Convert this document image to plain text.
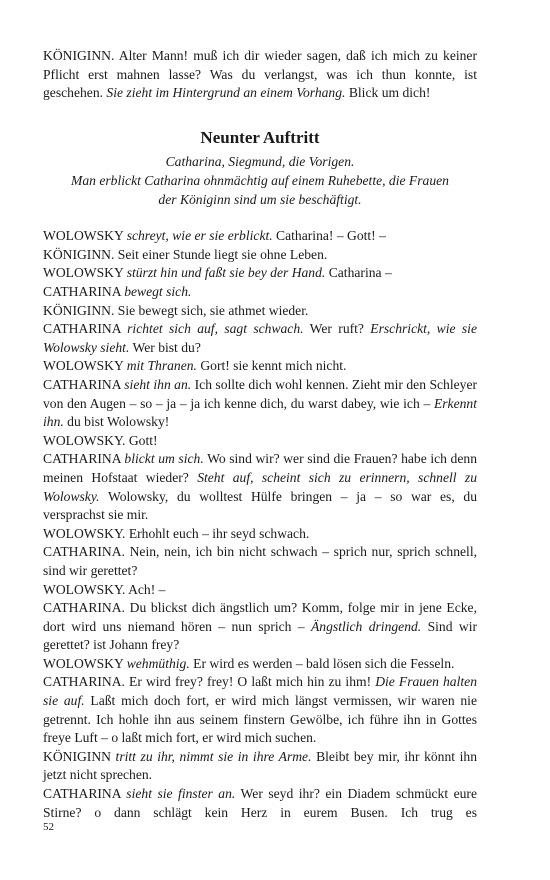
KÖNIGINN. Alter Mann! muß ich dir wieder sagen, daß ich mich zu keiner Pflicht erst mahnen lasse? Was du verlangst, was ich thun konnte, ist geschehen. Sie zieht im Hintergrund an einem Vorhang. Blick um dich!

Neunter Auftritt

Catharina, Siegmund, die Vorigen.

Man erblickt Catharina ohnmächtig auf einem Ruhebette, die Frauen

der Königinn sind um sie beschäftigt.

WOLOWSKY schreyt, wie er sie erblickt. Catharina! – Gott! –

KÖNIGINN. Seit einer Stunde liegt sie ohne Leben.

WOLOWSKY stürzt hin und faßt sie bey der Hand. Catharina –

CATHARINA bewegt sich.

KÖNIGINN. Sie bewegt sich, sie athmet wieder.

CATHARINA richtet sich auf, sagt schwach. Wer ruft? Erschrickt, wie sie Wolowsky sieht. Wer bist du?

WOLOWSKY mit Thranen. Gort! sie kennt mich nicht.

CATHARINA sieht ihn an. Ich sollte dich wohl kennen. Zieht mir den Schleyer von den Augen – so – ja – ja ich kenne dich, du warst dabey, wie ich – Erkennt ihn. du bist Wolowsky!

WOLOWSKY. Gott!

CATHARINA blickt um sich. Wo sind wir? wer sind die Frauen? habe ich denn meinen Hofstaat wieder? Steht auf, scheint sich zu erinnern, schnell zu Wolowsky. Wolowsky, du wolltest Hülfe bringen – ja – so war es, du versprachst sie mir.

WOLOWSKY. Erhohlt euch – ihr seyd schwach.

CATHARINA. Nein, nein, ich bin nicht schwach – sprich nur, sprich schnell, sind wir gerettet?

WOLOWSKY. Ach! –

CATHARINA. Du blickst dich ängstlich um? Komm, folge mir in jene Ecke, dort wird uns niemand hören – nun sprich – Ängstlich dringend. Sind wir gerettet? ist Johann frey?

WOLOWSKY wehmüthig. Er wird es werden – bald lösen sich die Fesseln.

CATHARINA. Er wird frey? frey! O laßt mich hin zu ihm! Die Frauen halten sie auf. Laßt mich doch fort, er wird mich längst vermissen, wir waren nie getrennt. Ich hohle ihn aus seinem finstern Gewölbe, ich führe ihn in Gottes freye Luft – o laßt mich fort, er wird mich suchen.

KÖNIGINN tritt zu ihr, nimmt sie in ihre Arme. Bleibt bey mir, ihr könnt ihn jetzt nicht sprechen.

CATHARINA sieht sie finster an. Wer seyd ihr? ein Diadem schmückt eure Stirne? o dann schlägt kein Herz in eurem Busen. Ich trug es

52
